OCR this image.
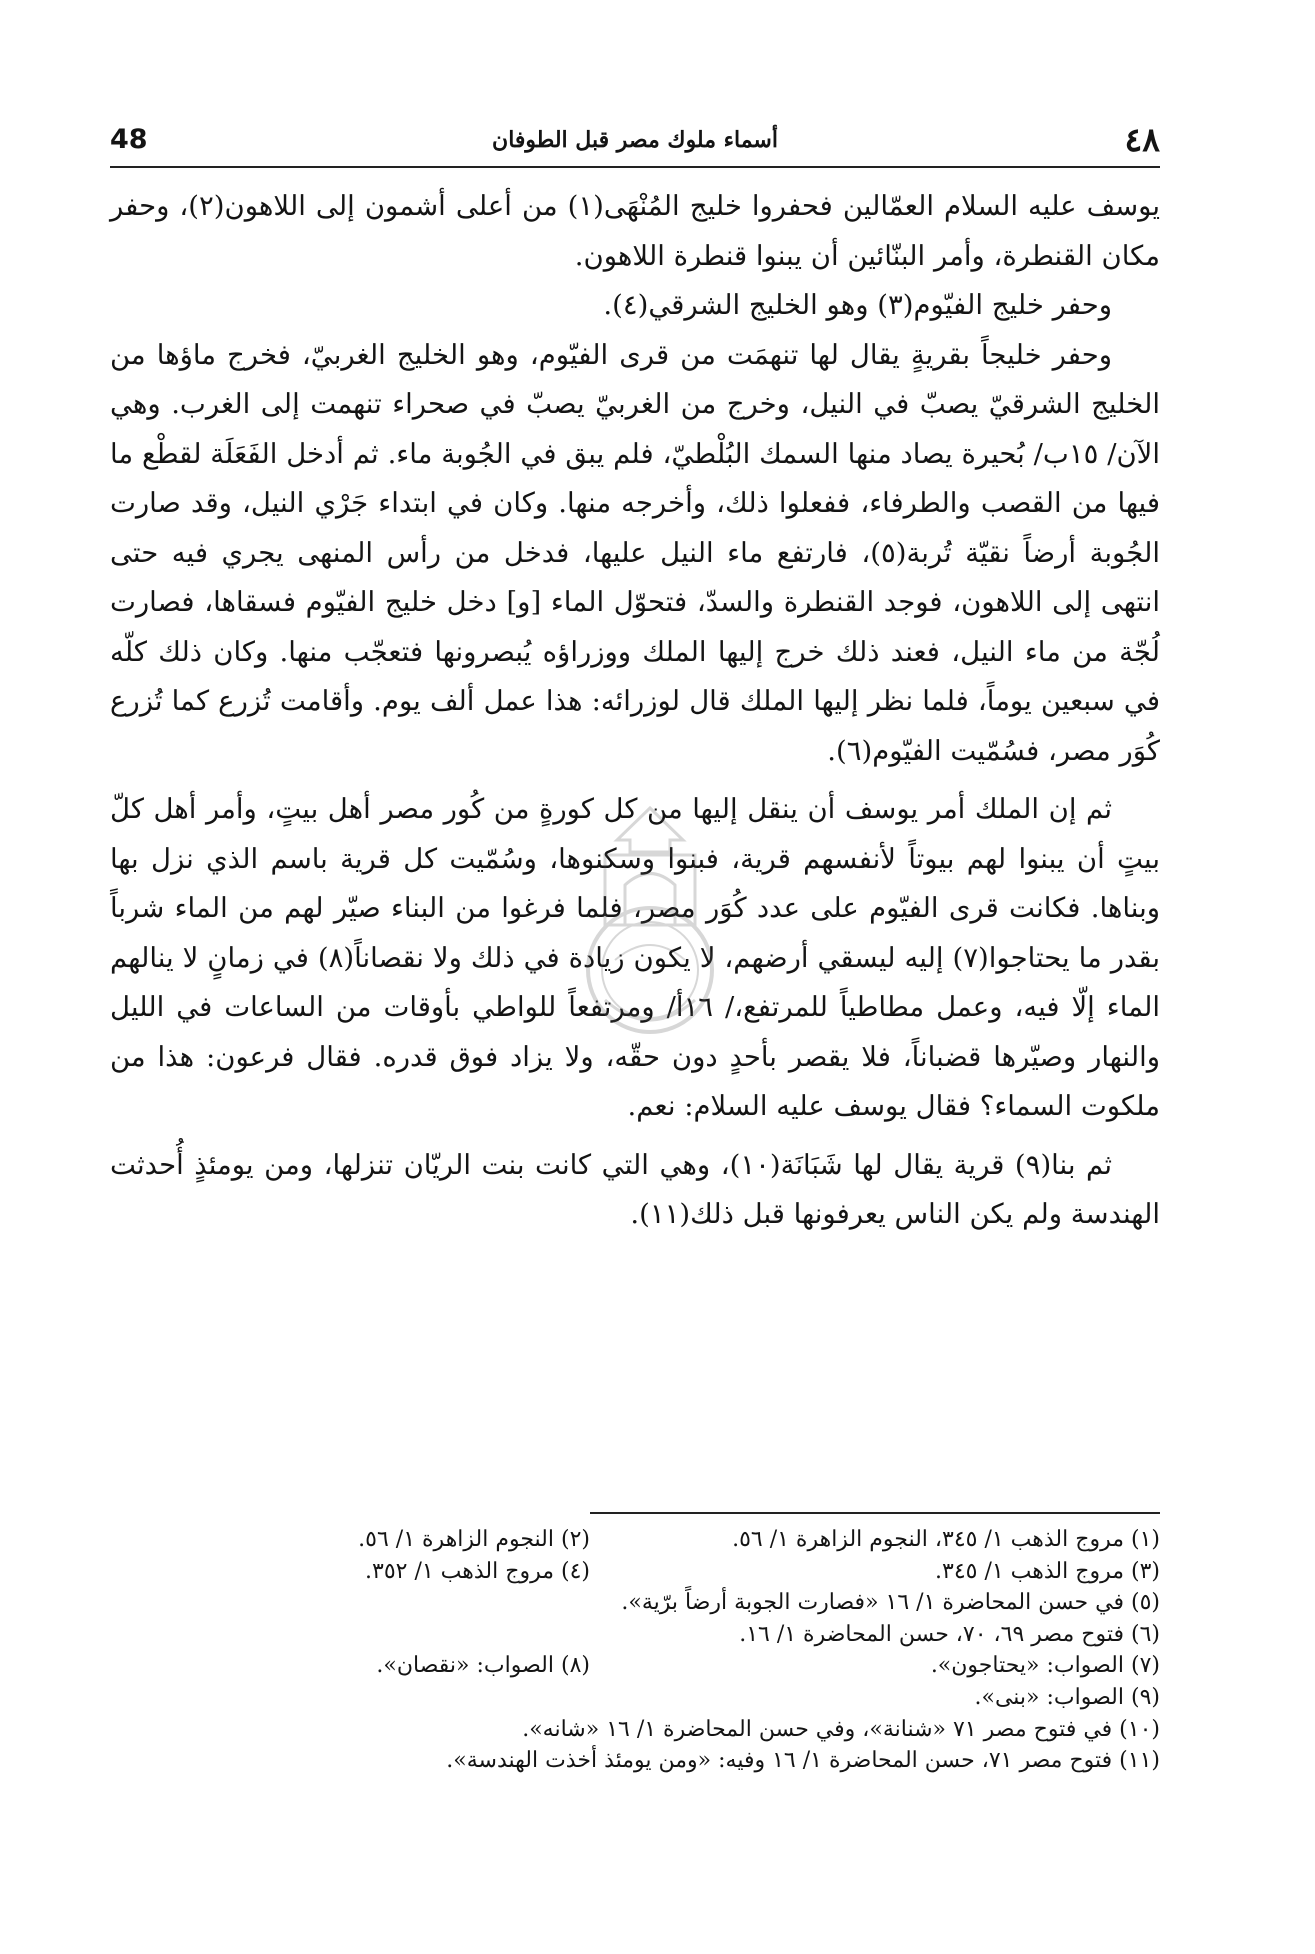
48	أسماء ملوك مصر قبل الطوفان	٤٨

يوسف عليه السلام العمّالين فحفروا خليج المُنْهَى(١) من أعلى أشمون إلى اللاهون(٢)، وحفر مكان القنطرة، وأمر البنّائين أن يبنوا قنطرة اللاهون.

وحفر خليج الفيّوم(٣) وهو الخليج الشرقي(٤).

وحفر خليجاً بقريةٍ يقال لها تنهمَت من قرى الفيّوم، وهو الخليج الغربيّ، فخرج ماؤها من الخليج الشرقيّ يصبّ في النيل، وخرج من الغربيّ يصبّ في صحراء تنهمت إلى الغرب. وهي الآن/ ١٥ب/ بُحيرة يصاد منها السمك البُلْطيّ، فلم يبق في الجُوبة ماء. ثم أدخل الفَعَلَة لقطْع ما فيها من القصب والطرفاء، ففعلوا ذلك، وأخرجه منها. وكان في ابتداء جَرْي النيل، وقد صارت الجُوبة أرضاً نقيّة تُربة(٥)، فارتفع ماء النيل عليها، فدخل من رأس المنهى يجري فيه حتى انتهى إلى اللاهون، فوجد القنطرة والسدّ، فتحوّل الماء [و] دخل خليج الفيّوم فسقاها، فصارت لُجّة من ماء النيل، فعند ذلك خرج إليها الملك ووزراؤه يُبصرونها فتعجّب منها. وكان ذلك كلّه في سبعين يوماً، فلما نظر إليها الملك قال لوزرائه: هذا عمل ألف يوم. وأقامت تُزرع كما تُزرع كُوَر مصر، فسُمّيت الفيّوم(٦).

ثم إن الملك أمر يوسف أن ينقل إليها من كل كورةٍ من كُور مصر أهل بيتٍ، وأمر أهل كلّ بيتٍ أن يبنوا لهم بيوتاً لأنفسهم قرية، فبنوا وسكنوها، وسُمّيت كل قرية باسم الذي نزل بها وبناها. فكانت قرى الفيّوم على عدد كُوَر مصر، فلما فرغوا من البناء صيّر لهم من الماء شرباً بقدر ما يحتاجوا(٧) إليه ليسقي أرضهم، لا يكون زيادة في ذلك ولا نقصاناً(٨) في زمانٍ لا ينالهم الماء إلّا فيه، وعمل مطاطياً للمرتفع،/ ١٦أ/ ومرتفعاً للواطي بأوقات من الساعات في الليل والنهار وصيّرها قضباناً، فلا يقصر بأحدٍ دون حقّه، ولا يزاد فوق قدره. فقال فرعون: هذا من ملكوت السماء؟ فقال يوسف عليه السلام: نعم.

ثم بنا(٩) قرية يقال لها شَبَانَة(١٠)، وهي التي كانت بنت الريّان تنزلها، ومن يومئذٍ أُحدثت الهندسة ولم يكن الناس يعرفونها قبل ذلك(١١).

(١) مروج الذهب ١/ ٣٤٥، النجوم الزاهرة ١/ ٥٦.
(٢) النجوم الزاهرة ١/ ٥٦.
(٣) مروج الذهب ١/ ٣٤٥.
(٤) مروج الذهب ١/ ٣٥٢.
(٥) في حسن المحاضرة ١/ ١٦ «فصارت الجوبة أرضاً برّية».
(٦) فتوح مصر ٦٩، ٧٠، حسن المحاضرة ١/ ١٦.
(٧) الصواب: «يحتاجون».
(٨) الصواب: «نقصان».
(٩) الصواب: «بنى».
(١٠) في فتوح مصر ٧١ «شنانة»، وفي حسن المحاضرة ١/ ١٦ «شانه».
(١١) فتوح مصر ٧١، حسن المحاضرة ١/ ١٦ وفيه: «ومن يومئذ أخذت الهندسة».
